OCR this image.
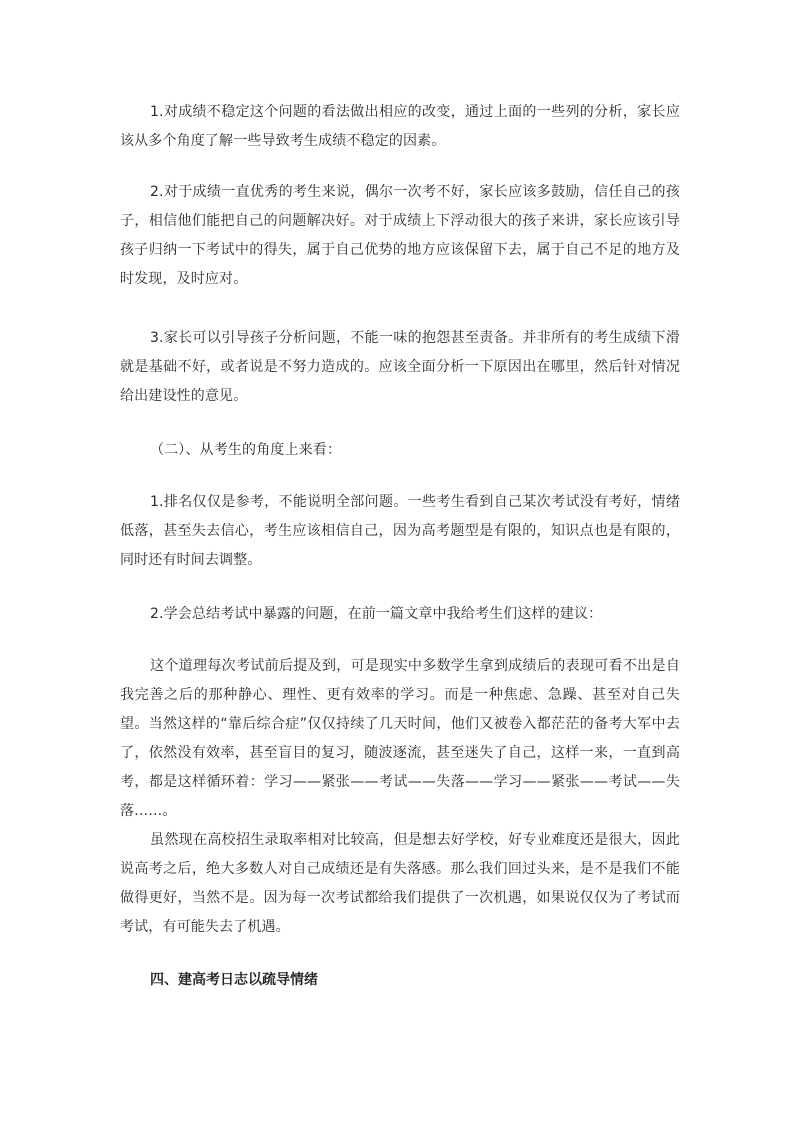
1.对成绩不稳定这个问题的看法做出相应的改变，通过上面的一些列的分析，家长应该从多个角度了解一些导致考生成绩不稳定的因素。

2.对于成绩一直优秀的考生来说，偶尔一次考不好，家长应该多鼓励，信任自己的孩子，相信他们能把自己的问题解决好。对于成绩上下浮动很大的孩子来讲，家长应该引导孩子归纳一下考试中的得失，属于自己优势的地方应该保留下去，属于自己不足的地方及时发现，及时应对。

3.家长可以引导孩子分析问题，不能一味的抱怨甚至责备。并非所有的考生成绩下滑就是基础不好，或者说是不努力造成的。应该全面分析一下原因出在哪里，然后针对情况给出建设性的意见。

（二）、从考生的角度上来看：

1.排名仅仅是参考，不能说明全部问题。一些考生看到自己某次考试没有考好，情绪低落，甚至失去信心，考生应该相信自己，因为高考题型是有限的，知识点也是有限的，同时还有时间去调整。

2.学会总结考试中暴露的问题，在前一篇文章中我给考生们这样的建议：

这个道理每次考试前后提及到，可是现实中多数学生拿到成绩后的表现可看不出是自我完善之后的那种静心、理性、更有效率的学习。而是一种焦虑、急躁、甚至对自己失望。当然这样的“靠后综合症”仅仅持续了几天时间，他们又被卷入都茫茫的备考大军中去了，依然没有效率，甚至盲目的复习，随波逐流，甚至迷失了自己，这样一来，一直到高考，都是这样循环着：学习——紧张——考试——失落——学习——紧张——考试——失落……。

虽然现在高校招生录取率相对比较高，但是想去好学校，好专业难度还是很大，因此说高考之后，绝大多数人对自己成绩还是有失落感。那么我们回过头来，是不是我们不能做得更好，当然不是。因为每一次考试都给我们提供了一次机遇，如果说仅仅为了考试而考试，有可能失去了机遇。

四、建高考日志以疏导情绪
